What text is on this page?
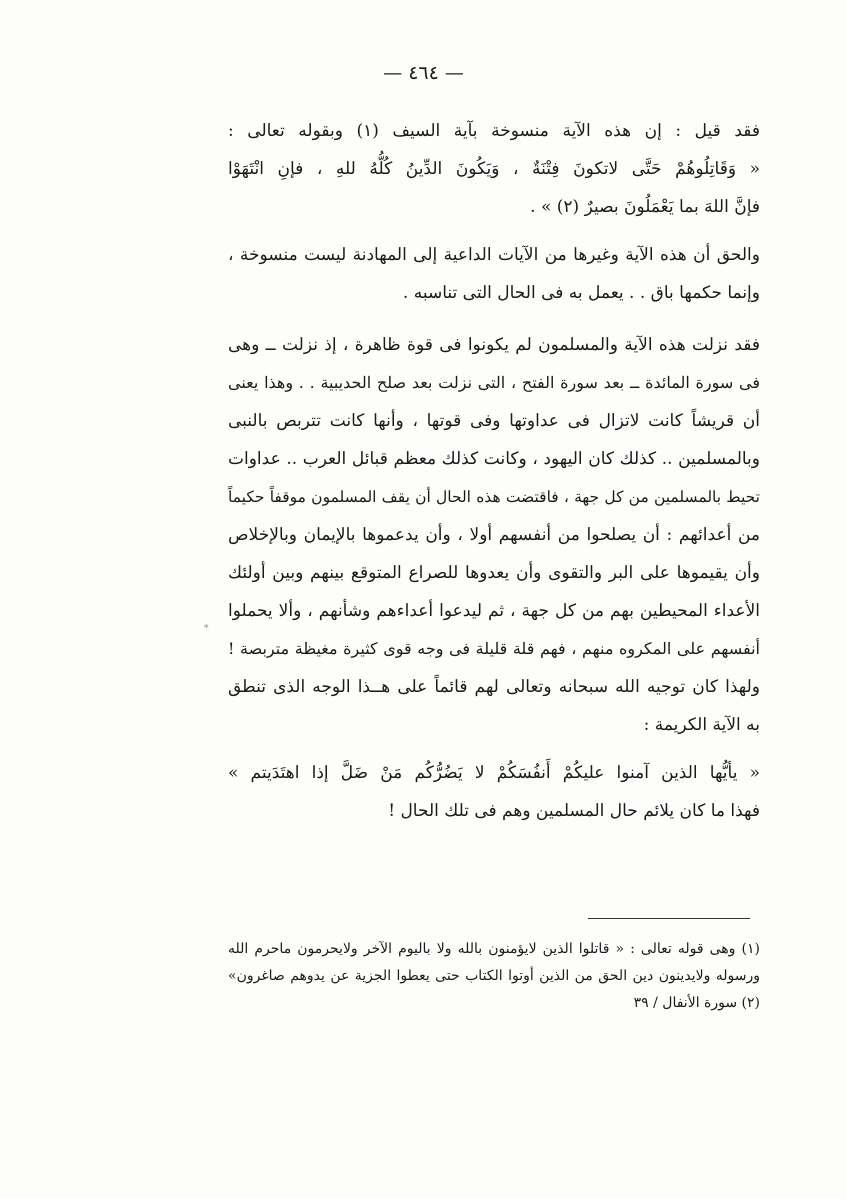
— ٤٦٤ —
فقد قيل : إن هذه الآية منسوخة بآية السيف (١) وبقوله تعالى :
« وَقَاتِلُوهُمْ حَتَّى لاتكونَ فِتْنَةٌ ، وَيَكُونَ الدِّينُ كُلُّهُ للهِ ، فإنِ انْتَهَوْا
فإنَّ اللهَ بما يَعْمَلُونَ بصيرٌ (٢) » .
والحق أن هذه الآية وغيرها من الآيات الداعية إلى المهادنة ليست منسوخة ،
وإنما حكمها باق . . يعمل به فى الحال التى تناسبه .
فقد نزلت هذه الآية والمسلمون لم يكونوا فى قوة ظاهرة ، إذ نزلت ــ وهى
فى سورة المائدة ــ بعد سورة الفتح ، التى نزلت بعد صلح الحديبية . . وهذا يعنى
أن قريشاً كانت لاتزال فى عداوتها وفى قوتها ، وأنها كانت تتربص بالنبى
وبالمسلمين .. كذلك كان اليهود ، وكانت كذلك معظم قبائل العرب .. عداوات
تحيط بالمسلمين من كل جهة ، فاقتضت هذه الحال أن يقف المسلمون موقفاً حكيماً
من أعدائهم : أن يصلحوا من أنفسهم أولا ، وأن يدعموها بالإيمان وبالإخلاص
وأن يقيموها على البر والتقوى وأن يعدوها للصراع المتوقع بينهم وبين أولئك
الأعداء المحيطين بهم من كل جهة ، ثم ليدعوا أعداءهم وشأنهم ، وألا يحملوا
أنفسهم على المكروه منهم ، فهم قلة قليلة فى وجه قوى كثيرة مغيظة متربصة !
ولهذا كان توجيه الله سبحانه وتعالى لهم قائماً على هــذا الوجه الذى تنطق
به الآية الكريمة :
« يأيُّها الذين آمنوا عليكُمْ أَنفُسَكُمْ لا يَضُرُّكُم مَنْ ضَلَّ إذا اهتَدَيتم »
فهذا ما كان يلائم حال المسلمين وهم فى تلك الحال !
(١) وهى قوله تعالى : « قاتلوا الذين لايؤمنون بالله ولا باليوم الآخر ولايحرمون ماحرم الله
ورسوله ولايدينون دين الحق من الذين أوتوا الكتاب حتى يعطوا الجزية عن يدوهم صاغرون»
(٢) سورة الأنفال / ٣٩
*
